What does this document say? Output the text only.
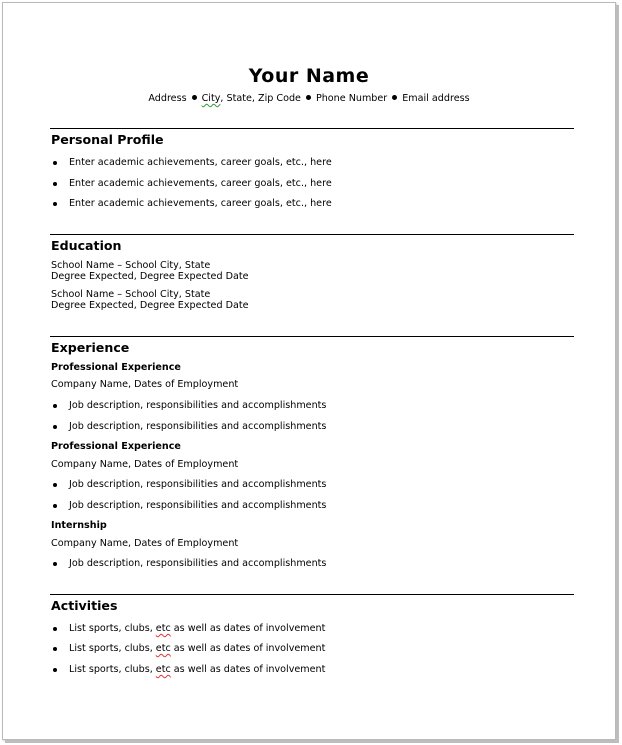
Your Name
Address City, State, Zip Code Phone Number Email address
Personal Profile
Enter academic achievements, career goals, etc., here
Enter academic achievements, career goals, etc., here
Enter academic achievements, career goals, etc., here
Education
School Name – School City, State
Degree Expected, Degree Expected Date
School Name – School City, State
Degree Expected, Degree Expected Date
Experience
Professional Experience
Company Name, Dates of Employment
Job description, responsibilities and accomplishments
Job description, responsibilities and accomplishments
Professional Experience
Company Name, Dates of Employment
Job description, responsibilities and accomplishments
Job description, responsibilities and accomplishments
Internship
Company Name, Dates of Employment
Job description, responsibilities and accomplishments
Activities
List sports, clubs, etc as well as dates of involvement
List sports, clubs, etc as well as dates of involvement
List sports, clubs, etc as well as dates of involvement
